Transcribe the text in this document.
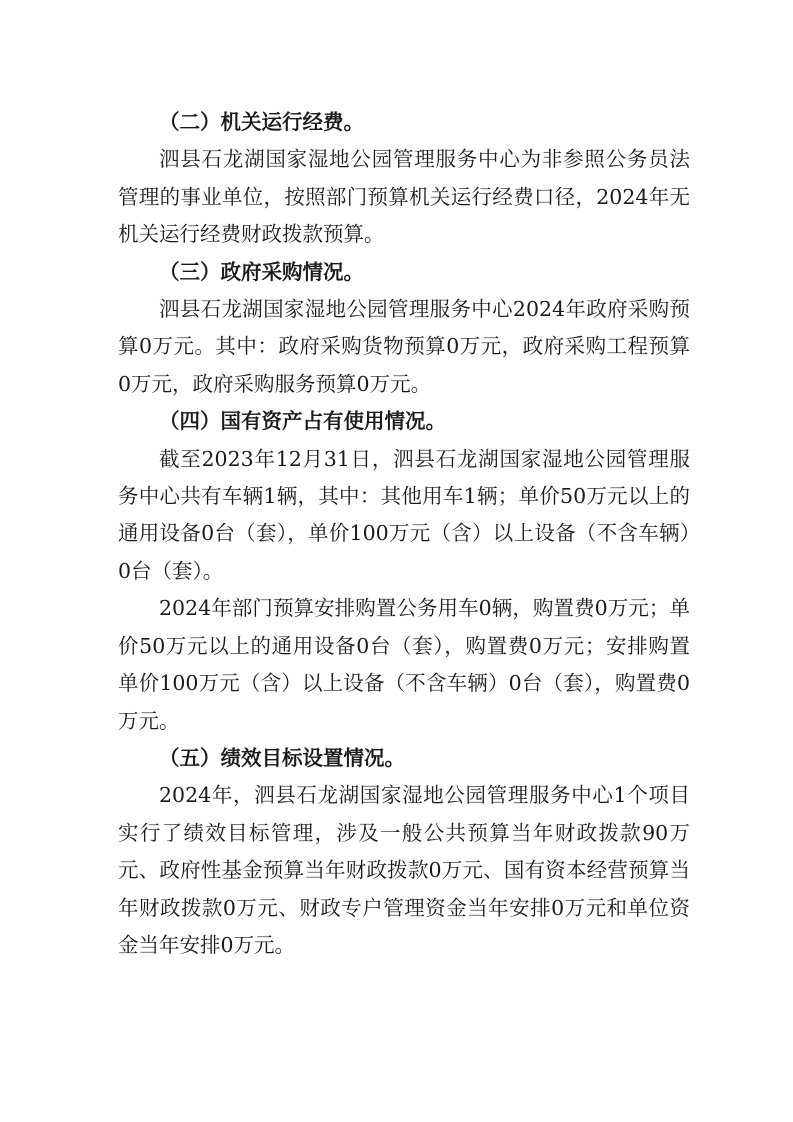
（二）机关运行经费。

泗县石龙湖国家湿地公园管理服务中心为非参照公务员法管理的事业单位，按照部门预算机关运行经费口径，2024年无机关运行经费财政拨款预算。

（三）政府采购情况。

泗县石龙湖国家湿地公园管理服务中心2024年政府采购预算0万元。其中：政府采购货物预算0万元，政府采购工程预算0万元，政府采购服务预算0万元。

（四）国有资产占有使用情况。

截至2023年12月31日，泗县石龙湖国家湿地公园管理服务中心共有车辆1辆，其中：其他用车1辆；单价50万元以上的通用设备0台（套），单价100万元（含）以上设备（不含车辆）0台（套）。

2024年部门预算安排购置公务用车0辆，购置费0万元；单价50万元以上的通用设备0台（套），购置费0万元；安排购置单价100万元（含）以上设备（不含车辆）0台（套），购置费0万元。

（五）绩效目标设置情况。

2024年，泗县石龙湖国家湿地公园管理服务中心1个项目实行了绩效目标管理，涉及一般公共预算当年财政拨款90万元、政府性基金预算当年财政拨款0万元、国有资本经营预算当年财政拨款0万元、财政专户管理资金当年安排0万元和单位资金当年安排0万元。
